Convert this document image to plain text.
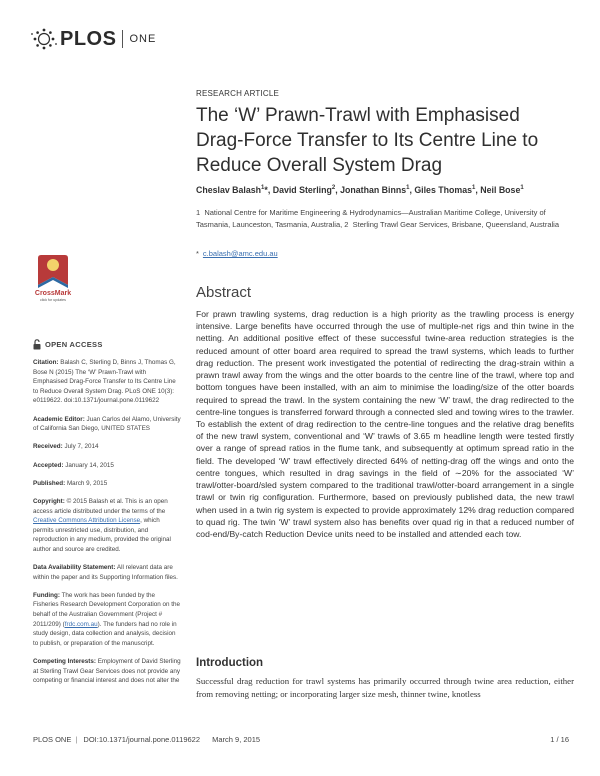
PLOS ONE
RESEARCH ARTICLE
The ‘W’ Prawn-Trawl with Emphasised Drag-Force Transfer to Its Centre Line to Reduce Overall System Drag
Cheslav Balash$^1$*, David Sterling$^2$, Jonathan Binns$^1$, Giles Thomas$^1$, Neil Bose$^1$
1 National Centre for Maritime Engineering & Hydrodynamics—Australian Maritime College, University of Tasmania, Launceston, Tasmania, Australia, 2 Sterling Trawl Gear Services, Brisbane, Queensland, Australia
* c.balash@amc.edu.au
CrossMark
click for updates	Abstract

For prawn trawling systems, drag reduction is a high priority as the trawling process is energy intensive. Large benefits have occurred through the use of multiple-net rigs and thin twine in the netting. An additional positive effect of these successful twine-area reduction strategies is the reduced amount of otter board area required to spread the trawl systems, which leads to further drag reduction. The present work investigated the potential of redirecting the drag-strain within a prawn trawl away from the wings and the otter boards to the centre line of the trawl, where top and bottom tongues have been installed, with an aim to minimise the loading/size of the otter boards required to spread the trawl. In the system containing the new ‘W’ trawl, the drag redirected to the centre-line tongues is transferred forward through a connected sled and towing wires to the trawler. To establish the extent of drag redirection to the centre-line tongues and the relative drag benefits of the new trawl system, conventional and ‘W’ trawls of 3.65 m headline length were tested firstly over a range of spread ratios in the flume tank, and subsequently at optimum spread ratio in the field. The developed ‘W’ trawl effectively directed 64% of netting-drag off the wings and onto the centre tongues, which resulted in drag savings in the field of ∼20% for the associated ‘W’ trawl/otter-board/sled system compared to the traditional trawl/otter-board arrangement in a single trawl or twin rig configuration. Furthermore, based on previously published data, the new trawl when used in a twin rig system is expected to provide approximately 12% drag reduction compared to quad rig. The twin ‘W’ trawl system also has benefits over quad rig in that a reduced number of cod-end/By-catch Reduction Device units need to be installed and attended each tow.

Introduction

Successful drag reduction for trawl systems has primarily occurred through twine area reduction, either from removing netting; or incorporating larger size mesh, thinner twine, knotless

OPEN ACCESS
Citation: Balash C, Sterling D, Binns J, Thomas G, Bose N (2015) The ‘W’ Prawn-Trawl with Emphasised Drag-Force Transfer to Its Centre Line to Reduce Overall System Drag. PLoS ONE 10(3): e0119622. doi:10.1371/journal.pone.0119622
Academic Editor: Juan Carlos del Alamo, University of California San Diego, UNITED STATES
Received: July 7, 2014
Accepted: January 14, 2015
Published: March 9, 2015
Copyright: © 2015 Balash et al. This is an open access article distributed under the terms of the Creative Commons Attribution License, which permits unrestricted use, distribution, and reproduction in any medium, provided the original author and source are credited.
Data Availability Statement: All relevant data are within the paper and its Supporting Information files.
Funding: The work has been funded by the Fisheries Research Development Corporation on the behalf of the Australian Government (Project # 2011/209) (frdc.com.au). The funders had no role in study design, data collection and analysis, decision to publish, or preparation of the manuscript.
Competing Interests: Employment of David Sterling at Sterling Trawl Gear Services does not provide any competing or financial interest and does not alter the
PLOS ONE | DOI:10.1371/journal.pone.0119622 March 9, 2015	1 / 16
